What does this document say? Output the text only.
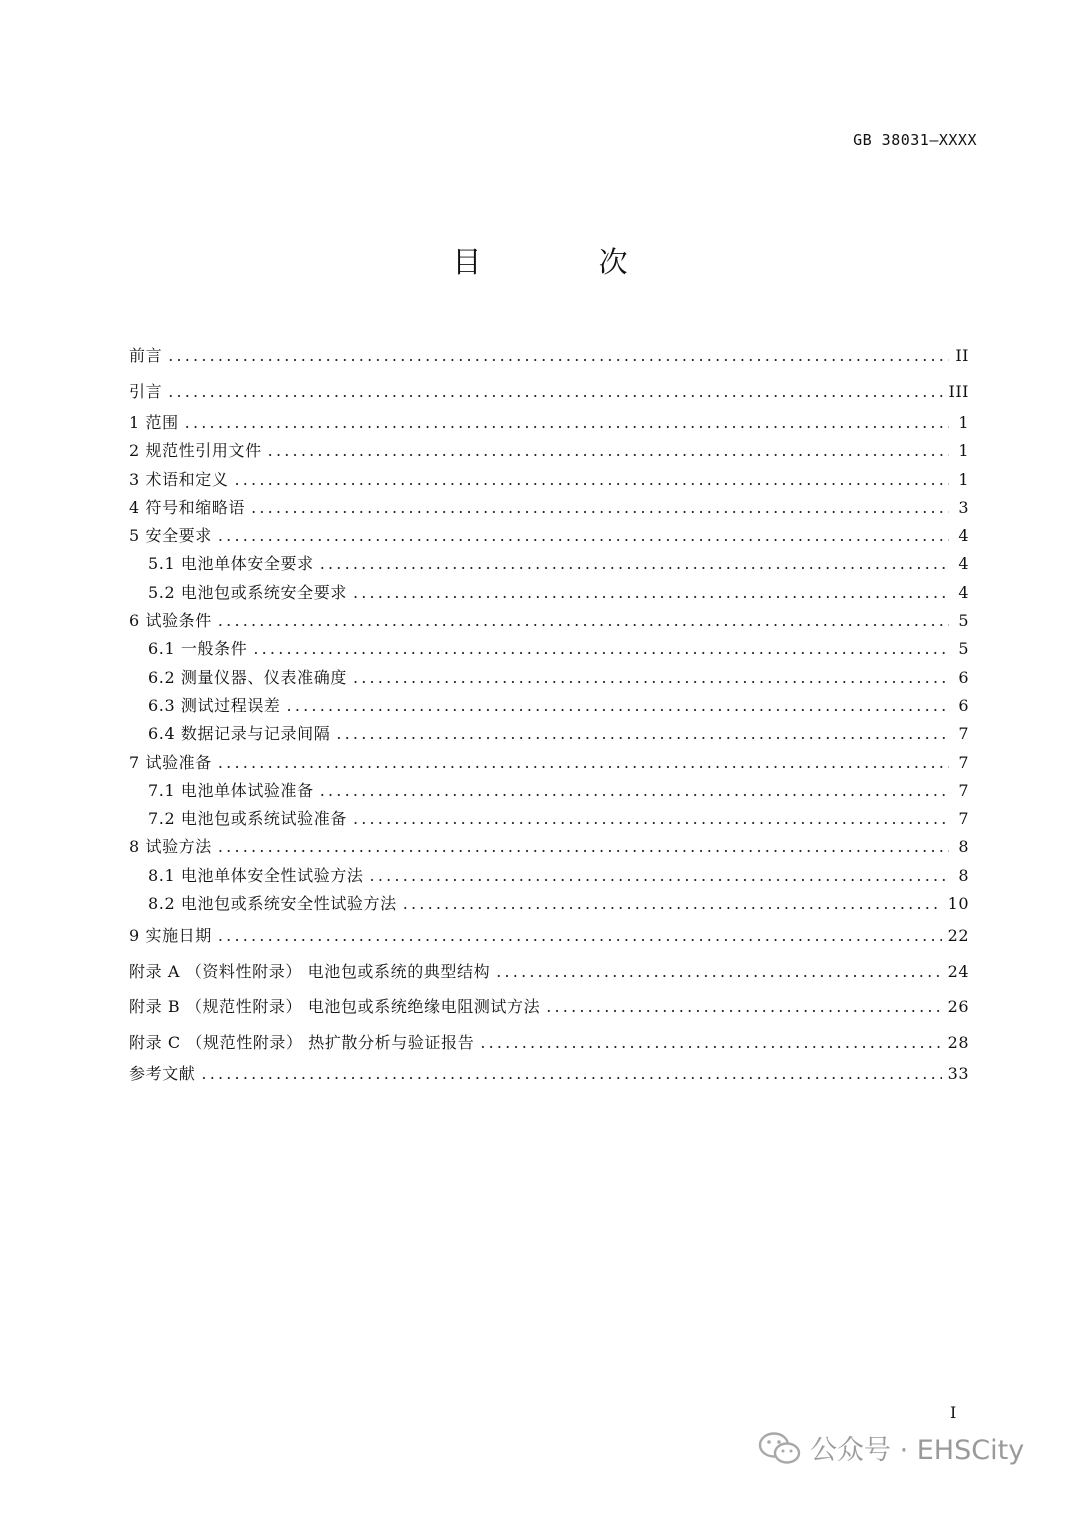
GB 38031—XXXX
目 次
前言 .....	II
引言 .....	III
1 范围 .....	1
2 规范性引用文件 .....	1
3 术语和定义 .....	1
4 符号和缩略语 .....	3
5 安全要求 .....	4
5.1 电池单体安全要求 .....	4
5.2 电池包或系统安全要求 .....	4
6 试验条件 .....	5
6.1 一般条件 .....	5
6.2 测量仪器、仪表准确度 .....	6
6.3 测试过程误差 .....	6
6.4 数据记录与记录间隔 .....	7
7 试验准备 .....	7
7.1 电池单体试验准备 .....	7
7.2 电池包或系统试验准备 .....	7
8 试验方法 .....	8
8.1 电池单体安全性试验方法 .....	8
8.2 电池包或系统安全性试验方法 .....	10
9 实施日期 .....	22
附录 A （资料性附录） 电池包或系统的典型结构 .....	24
附录 B （规范性附录） 电池包或系统绝缘电阻测试方法 .....	26
附录 C （规范性附录） 热扩散分析与验证报告 .....	28
参考文献 .....	33
I
公众号 · EHSCity
